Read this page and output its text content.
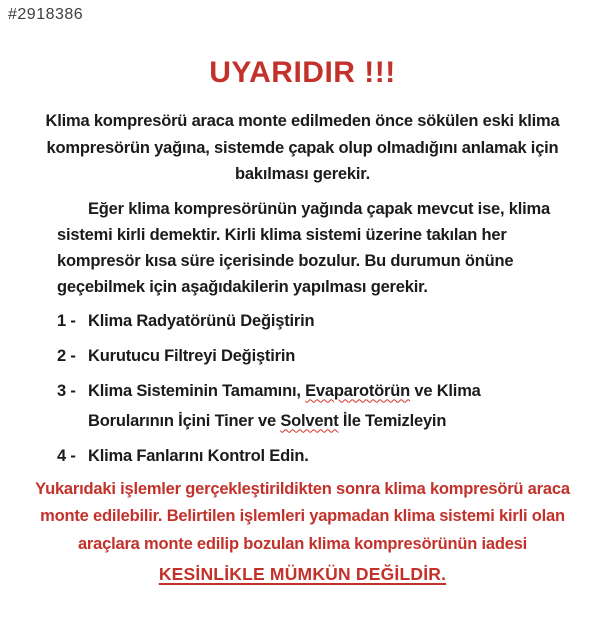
#2918386
UYARIDIR !!!

Klima kompresörü araca monte edilmeden önce sökülen eski klima kompresörün yağına, sistemde çapak olup olmadığını anlamak için bakılması gerekir.

Eğer klima kompresörünün yağında çapak mevcut ise, klima sistemi kirli demektir. Kirli klima sistemi üzerine takılan her kompresör kısa süre içerisinde bozulur. Bu durumun önüne geçebilmek için aşağıdakilerin yapılması gerekir.

1 - Klima Radyatörünü Değiştirin
2 - Kurutucu Filtreyi Değiştirin
3 - Klima Sisteminin Tamamını, Evaparotörün ve Klima
Borularının İçini Tiner ve Solvent İle Temizleyin
4 - Klima Fanlarını Kontrol Edin.

Yukarıdaki işlemler gerçekleştirildikten sonra klima kompresörü araca monte edilebilir. Belirtilen işlemleri yapmadan klima sistemi kirli olan araçlara monte edilip bozulan klima kompresörünün iadesi

KESİNLİKLE MÜMKÜN DEĞİLDİR.
